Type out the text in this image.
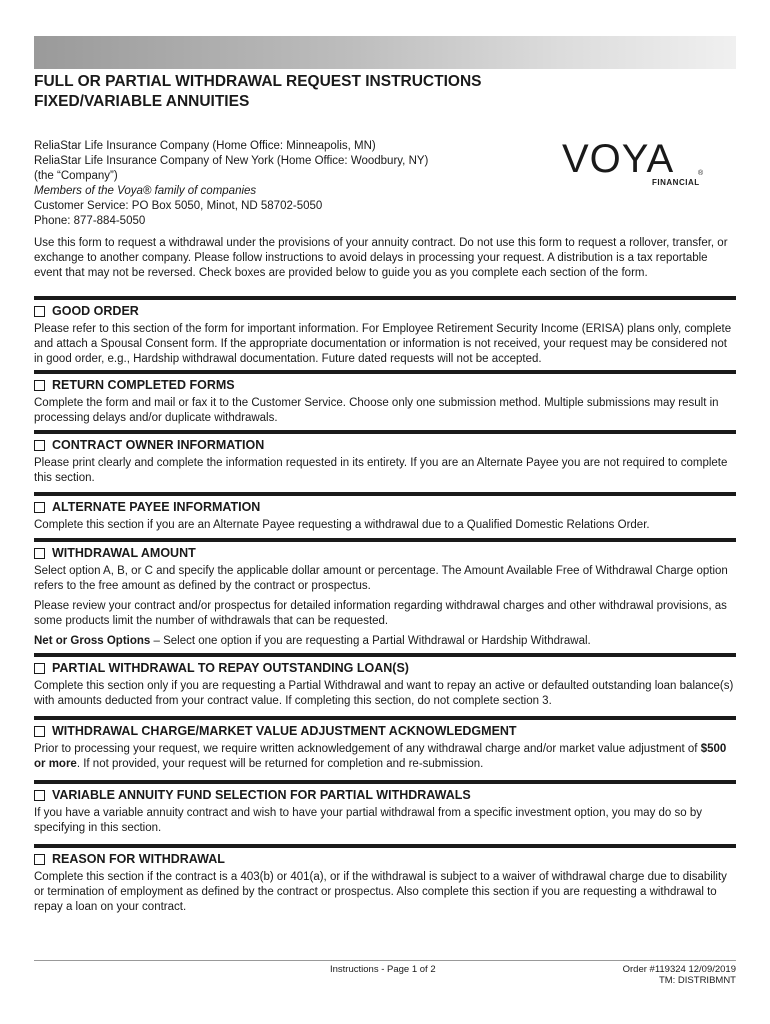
FULL OR PARTIAL WITHDRAWAL REQUEST INSTRUCTIONS
FIXED/VARIABLE ANNUITIES
ReliaStar Life Insurance Company (Home Office: Minneapolis, MN)
ReliaStar Life Insurance Company of New York (Home Office: Woodbury, NY)
(the “Company”)
Members of the Voya® family of companies
Customer Service: PO Box 5050, Minot, ND 58702-5050
Phone: 877-884-5050
VOYA	®
FINANCIAL
Use this form to request a withdrawal under the provisions of your annuity contract. Do not use this form to request a rollover, transfer, or exchange to another company. Please follow instructions to avoid delays in processing your request. A distribution is a tax reportable event that may not be reversed. Check boxes are provided below to guide you as you complete each section of the form.
GOOD ORDER
Please refer to this section of the form for important information. For Employee Retirement Security Income (ERISA) plans only, complete and attach a Spousal Consent form. If the appropriate documentation or information is not received, your request may be considered not in good order, e.g., Hardship withdrawal documentation. Future dated requests will not be accepted.
RETURN COMPLETED FORMS
Complete the form and mail or fax it to the Customer Service. Choose only one submission method. Multiple submissions may result in processing delays and/or duplicate withdrawals.
CONTRACT OWNER INFORMATION
Please print clearly and complete the information requested in its entirety. If you are an Alternate Payee you are not required to complete this section.
ALTERNATE PAYEE INFORMATION
Complete this section if you are an Alternate Payee requesting a withdrawal due to a Qualified Domestic Relations Order.
WITHDRAWAL AMOUNT

Select option A, B, or C and specify the applicable dollar amount or percentage. The Amount Available Free of Withdrawal Charge option refers to the free amount as defined by the contract or prospectus.

Please review your contract and/or prospectus for detailed information regarding withdrawal charges and other withdrawal provisions, as some products limit the number of withdrawals that can be requested.

Net or Gross Options – Select one option if you are requesting a Partial Withdrawal or Hardship Withdrawal.

PARTIAL WITHDRAWAL TO REPAY OUTSTANDING LOAN(S)
Complete this section only if you are requesting a Partial Withdrawal and want to repay an active or defaulted outstanding loan balance(s) with amounts deducted from your contract value. If completing this section, do not complete section 3.
WITHDRAWAL CHARGE/MARKET VALUE ADJUSTMENT ACKNOWLEDGMENT
Prior to processing your request, we require written acknowledgement of any withdrawal charge and/or market value adjustment of $500 or more. If not provided, your request will be returned for completion and re-submission.
VARIABLE ANNUITY FUND SELECTION FOR PARTIAL WITHDRAWALS
If you have a variable annuity contract and wish to have your partial withdrawal from a specific investment option, you may do so by specifying in this section.
REASON FOR WITHDRAWAL
Complete this section if the contract is a 403(b) or 401(a), or if the withdrawal is subject to a waiver of withdrawal charge due to disability or termination of employment as defined by the contract or prospectus. Also complete this section if you are requesting a withdrawal to repay a loan on your contract.
Instructions - Page 1 of 2	Order #119324 12/09/2019
TM: DISTRIBMNT
